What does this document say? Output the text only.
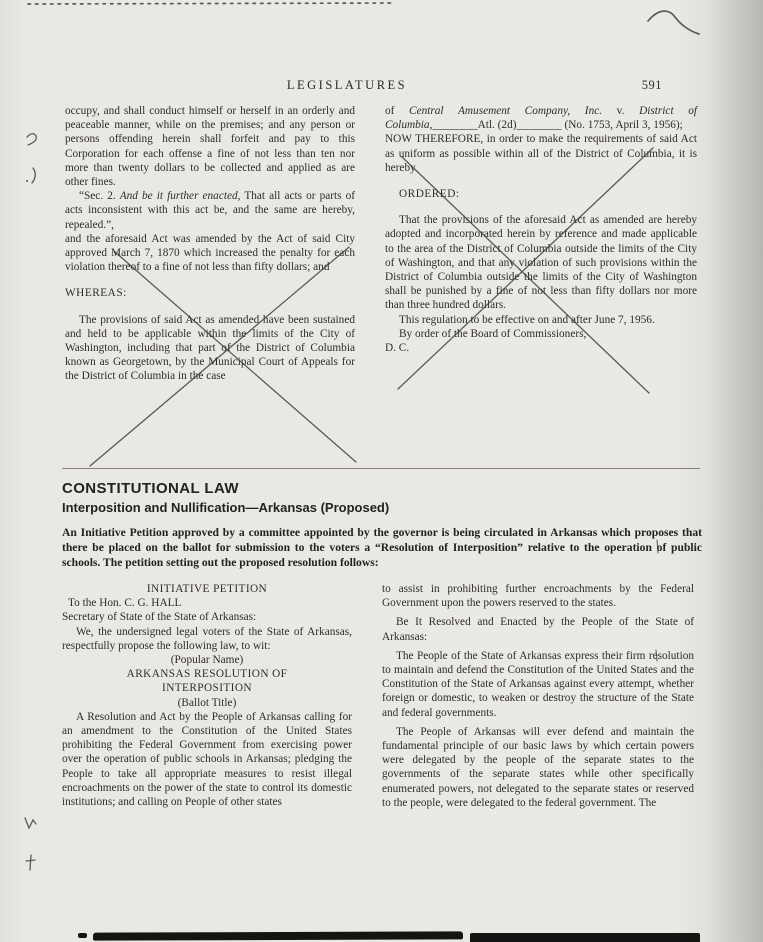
LEGISLATURES	591

occupy, and shall conduct himself or herself in an orderly and peaceable manner, while on the premises; and any person or persons offending herein shall forfeit and pay to this Corporation for each offense a fine of not less than ten nor more than twenty dollars to be collected and applied as are other fines.

“Sec. 2. And be it further enacted, That all acts or parts of acts inconsistent with this act be, and the same are hereby, repealed.”,

and the aforesaid Act was amended by the Act of said City approved March 7, 1870 which increased the penalty for each violation thereof to a fine of not less than fifty dollars; and

WHEREAS:

The provisions of said Act as amended have been sustained and held to be applicable within the limits of the City of Washington, including that part of the District of Columbia known as Georgetown, by the Municipal Court of Appeals for the District of Columbia in the case

of Central Amusement Company, Inc. v. District of Columbia,________Atl. (2d)________ (No. 1753, April 3, 1956);

NOW THEREFORE, in order to make the requirements of said Act as uniform as possible within all of the District of Columbia, it is hereby

ORDERED:

That the provisions of the aforesaid Act as amended are hereby adopted and incorporated herein by reference and made applicable to the area of the District of Columbia outside the limits of the City of Washington, and that any violation of such provisions within the District of Columbia outside the limits of the City of Washington shall be punished by a fine of not less than fifty dollars nor more than three hundred dollars.

This regulation to be effective on and after June 7, 1956.

By order of the Board of Commissioners,
D. C.

CONSTITUTIONAL LAW
Interposition and Nullification—Arkansas (Proposed)

An Initiative Petition approved by a committee appointed by the governor is being circulated in Arkansas which proposes that there be placed on the ballot for submission to the voters a “Resolution of Interposition” relative to the operation of public schools. The petition setting out the proposed resolution follows:

INITIATIVE PETITION

To the Hon. C. G. HALL

Secretary of State of the State of Arkansas:

We, the undersigned legal voters of the State of Arkansas, respectfully propose the following law, to wit:

(Popular Name)

ARKANSAS RESOLUTION OF

INTERPOSITION

(Ballot Title)

A Resolution and Act by the People of Arkansas calling for an amendment to the Constitution of the United States prohibiting the Federal Government from exercising power over the operation of public schools in Arkansas; pledging the People to take all appropriate measures to resist illegal encroachments on the power of the state to control its domestic institutions; and calling on People of other states

to assist in prohibiting further encroachments by the Federal Government upon the powers reserved to the states.

Be It Resolved and Enacted by the People of the State of Arkansas:

The People of the State of Arkansas express their firm resolution to maintain and defend the Constitution of the United States and the Constitution of the State of Arkansas against every attempt, whether foreign or domestic, to weaken or destroy the structure of the State and federal governments.

The People of Arkansas will ever defend and maintain the fundamental principle of our basic laws by which certain powers were delegated by the people of the separate states to the governments of the separate states while other specifically enumerated powers, not delegated to the separate states or reserved to the people, were delegated to the federal government. The
